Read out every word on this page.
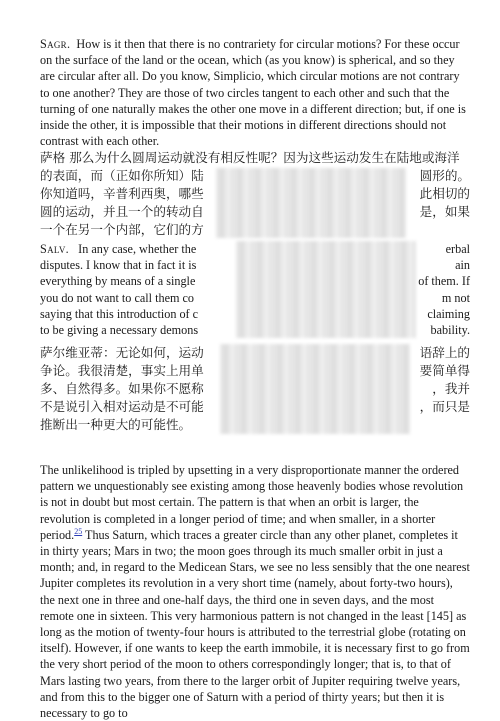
Sagr. How is it then that there is no contrariety for circular motions? For these occur on the surface of the land or the ocean, which (as you know) is spherical, and so they are circular after all. Do you know, Simplicio, which circular motions are not contrary to one another? They are those of two circles tangent to each other and such that the turning of one naturally makes the other one move in a different direction; but, if one is inside the other, it is impossible that their motions in different directions should not contrast with each other.

萨格 那么为什么圆周运动就没有相反性呢？因为这些运动发生在陆地或海洋
的表面，而（正如你所知）陆	圆形的。
你知道吗，辛普利西奥，哪些	此相切的
圆的运动，并且一个的转动自	是，如果
一个在另一个内部，它们的方
Salv. In any case, whether the	erbal
disputes. I know that in fact it is	ain
everything by means of a single	of them. If
you do not want to call them co	m not
saying that this introduction of c	claiming
to be giving a necessary demons	bability.
萨尔维亚蒂：无论如何，运动	语辞上的
争论。我很清楚，事实上用单	要简单得
多、自然得多。如果你不愿称	，我并
不是说引入相对运动是不可能	，而只是
推断出一种更大的可能性。

The unlikelihood is tripled by upsetting in a very disproportionate manner the ordered pattern we unquestionably see existing among those heavenly bodies whose revolution is not in doubt but most certain. The pattern is that when an orbit is larger, the revolution is completed in a longer period of time; and when smaller, in a shorter period.$^{25}$ Thus Saturn, which traces a greater circle than any other planet, completes it in thirty years; Mars in two; the moon goes through its much smaller orbit in just a month; and, in regard to the Medicean Stars, we see no less sensibly that the one nearest Jupiter completes its revolution in a very short time (namely, about forty-two hours), the next one in three and one-half days, the third one in seven days, and the most remote one in sixteen. This very harmonious pattern is not changed in the least [145] as long as the motion of twenty-four hours is attributed to the terrestrial globe (rotating on itself). However, if one wants to keep the earth immobile, it is necessary first to go from the very short period of the moon to others correspondingly longer; that is, to that of Mars lasting two years, from there to the larger orbit of Jupiter requiring twelve years, and from this to the bigger one of Saturn with a period of thirty years; but then it is necessary to go to
